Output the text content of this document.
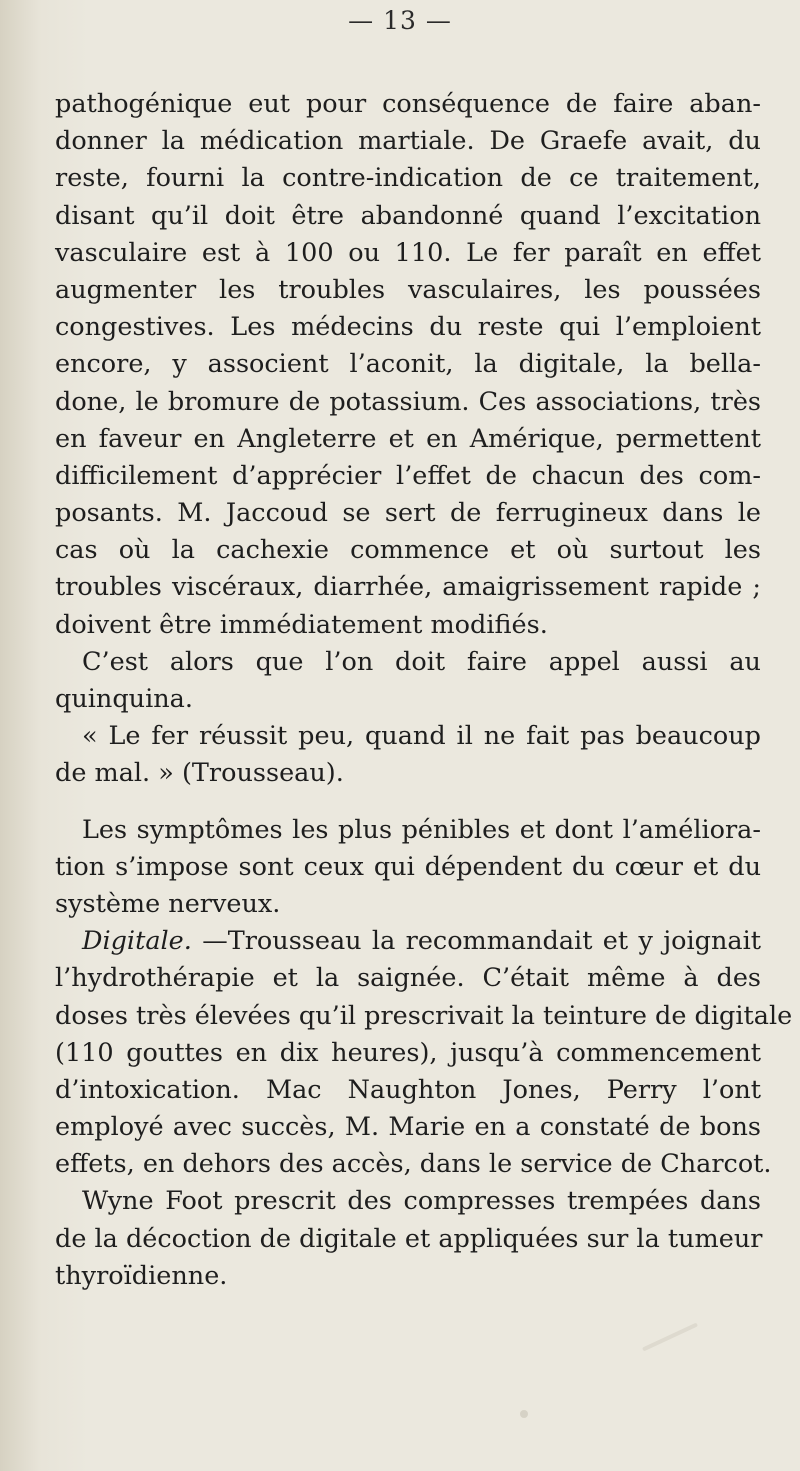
— 13 —
pathogénique eut pour conséquence de faire aban-
donner la médication martiale. De Graefe avait, du
reste, fourni la contre-indication de ce traitement,
disant qu’il doit être abandonné quand l’excitation
vasculaire est à 100 ou 110. Le fer paraît en effet
augmenter les troubles vasculaires, les poussées
congestives. Les médecins du reste qui l’emploient
encore, y associent l’aconit, la digitale, la bella-
done, le bromure de potassium. Ces associations, très
en faveur en Angleterre et en Amérique, permettent
difficilement d’apprécier l’effet de chacun des com-
posants. M. Jaccoud se sert de ferrugineux dans le
cas où la cachexie commence et où surtout les
troubles viscéraux, diarrhée, amaigrissement rapide ;
doivent être immédiatement modifiés.
C’est alors que l’on doit faire appel aussi au
quinquina.
« Le fer réussit peu, quand il ne fait pas beaucoup
de mal. » (Trousseau).
Les symptômes les plus pénibles et dont l’améliora-
tion s’impose sont ceux qui dépendent du cœur et du
système nerveux.
Digitale. —Trousseau la recommandait et y joignait
l’hydrothérapie et la saignée. C’était même à des
doses très élevées qu’il prescrivait la teinture de digitale
(110 gouttes en dix heures), jusqu’à commencement
d’intoxication. Mac Naughton Jones, Perry l’ont
employé avec succès, M. Marie en a constaté de bons
effets, en dehors des accès, dans le service de Charcot.
Wyne Foot prescrit des compresses trempées dans
de la décoction de digitale et appliquées sur la tumeur
thyroïdienne.
